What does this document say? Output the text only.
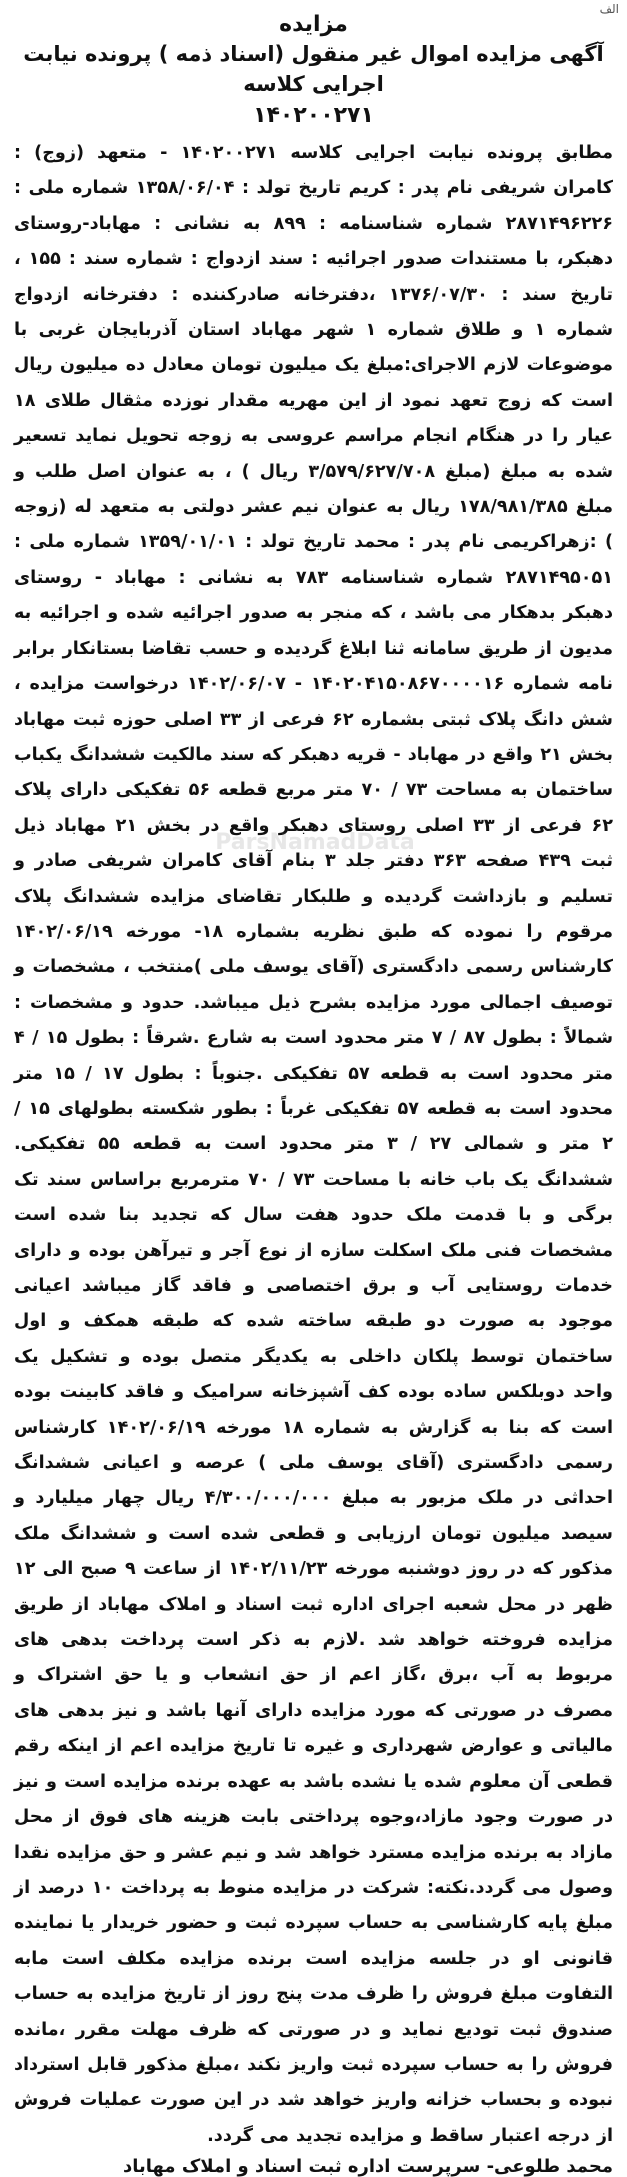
الف
مزایده
آگهی مزایده اموال غیر منقول (اسناد ذمه ) پرونده نیابت اجرایی کلاسه
۱۴۰۲۰۰۲۷۱
مطابق پرونده نیابت اجرایی کلاسه ۱۴۰۲۰۰۲۷۱ - متعهد (زوج) : کامران شریفی نام پدر : کریم تاریخ تولد : ۱۳۵۸/۰۶/۰۴ شماره ملی : ۲۸۷۱۴۹۶۲۲۶ شماره شناسنامه : ۸۹۹ به نشانی : مهاباد-روستای دهبکر، با مستندات صدور اجرائیه : سند ازدواج : شماره سند : ۱۵۵ ، تاریخ سند : ۱۳۷۶/۰۷/۳۰ ،دفترخانه صادرکننده : دفترخانه ازدواج شماره ۱ و طلاق شماره ۱ شهر مهاباد استان آذربایجان غربی با موضوعات لازم الاجرای:مبلغ یک میلیون تومان معادل ده میلیون ریال است که زوج تعهد نمود از این مهریه مقدار نوزده مثقال طلای ۱۸ عیار را در هنگام انجام مراسم عروسی به زوجه تحویل نماید تسعیر شده به مبلغ (مبلغ ۳/۵۷۹/۶۲۷/۷۰۸ ریال ) ، به عنوان اصل طلب و مبلغ ۱۷۸/۹۸۱/۳۸۵ ریال به عنوان نیم عشر دولتی به متعهد له (زوجه ) :زهراکریمی نام پدر : محمد تاریخ تولد : ۱۳۵۹/۰۱/۰۱ شماره ملی : ۲۸۷۱۴۹۵۰۵۱ شماره شناسنامه ۷۸۳ به نشانی : مهاباد - روستای دهبکر بدهکار می باشد ، که منجر به صدور اجرائیه شده و اجرائیه به مدیون از طریق سامانه ثنا ابلاغ گردیده و حسب تقاضا بستانکار برابر نامه شماره ۱۴۰۲۰۴۱۵۰۸۶۷۰۰۰۰۱۶ - ۱۴۰۲/۰۶/۰۷ درخواست مزایده ، شش دانگ پلاک ثبتی بشماره ۶۲ فرعی از ۳۳ اصلی حوزه ثبت مهاباد بخش ۲۱ واقع در مهاباد - قریه دهبکر که سند مالکیت ششدانگ یکباب ساختمان به مساحت ۷۳ / ۷۰ متر مربع قطعه ۵۶ تفکیکی دارای پلاک ۶۲ فرعی از ۳۳ اصلی روستای دهبکر واقع در بخش ۲۱ مهاباد ذیل ثبت ۴۳۹ صفحه ۳۶۳ دفتر جلد ۳ بنام آقای کامران شریفی صادر و تسلیم و بازداشت گردیده و طلبکار تقاضای مزایده ششدانگ پلاک مرقوم را نموده که طبق نظریه بشماره ۱۸- مورخه ۱۴۰۲/۰۶/۱۹ کارشناس رسمی دادگستری (آقای یوسف ملی )منتخب ، مشخصات و توصیف اجمالی مورد مزایده بشرح ذیل میباشد. حدود و مشخصات : شمالاً : بطول ۸۷ / ۷ متر محدود است به شارع .شرقاً : بطول ۱۵ / ۴ متر محدود است به قطعه ۵۷ تفکیکی .جنوباً : بطول ۱۷ / ۱۵ متر محدود است به قطعه ۵۷ تفکیکی غرباً : بطور شکسته بطولهای ۱۵ / ۲ متر و شمالی ۲۷ / ۳ متر محدود است به قطعه ۵۵ تفکیکی. ششدانگ یک باب خانه با مساحت ۷۳ / ۷۰ مترمربع براساس سند تک برگی و با قدمت ملک حدود هفت سال که تجدید بنا شده است مشخصات فنی ملک اسکلت سازه از نوع آجر و تیرآهن بوده و دارای خدمات روستایی آب و برق اختصاصی و فاقد گاز میباشد اعیانی موجود به صورت دو طبقه ساخته شده که طبقه همکف و اول ساختمان توسط پلکان داخلی به یکدیگر متصل بوده و تشکیل یک واحد دوبلکس ساده بوده کف آشپزخانه سرامیک و فاقد کابینت بوده است که بنا به گزارش به شماره ۱۸ مورخه ۱۴۰۲/۰۶/۱۹ کارشناس رسمی دادگستری (آقای یوسف ملی ) عرصه و اعیانی ششدانگ احداثی در ملک مزبور به مبلغ ۴/۳۰۰/۰۰۰/۰۰۰ ریال چهار میلیارد و سیصد میلیون تومان ارزیابی و قطعی شده است و ششدانگ ملک مذکور که در روز دوشنبه مورخه ۱۴۰۲/۱۱/۲۳ از ساعت ۹ صبح الی ۱۲ ظهر در محل شعبه اجرای اداره ثبت اسناد و املاک مهاباد از طریق مزایده فروخته خواهد شد .لازم به ذکر است پرداخت بدهی های مربوط به آب ،برق ،گاز اعم از حق انشعاب و یا حق اشتراک و مصرف در صورتی که مورد مزایده دارای آنها باشد و نیز بدهی های مالیاتی و عوارض شهرداری و غیره تا تاریخ مزایده اعم از اینکه رقم قطعی آن معلوم شده یا نشده باشد به عهده برنده مزایده است و نیز در صورت وجود مازاد،وجوه پرداختی بابت هزینه های فوق از محل مازاد به برنده مزایده مسترد خواهد شد و نیم عشر و حق مزایده نقدا وصول می گردد.نکته: شرکت در مزایده منوط به پرداخت ۱۰ درصد از مبلغ پایه کارشناسی به حساب سپرده ثبت و حضور خریدار یا نماینده قانونی او در جلسه مزایده است برنده مزایده مکلف است مابه التفاوت مبلغ فروش را ظرف مدت پنج روز از تاریخ مزایده به حساب صندوق ثبت تودیع نماید و در صورتی که ظرف مهلت مقرر ،مانده فروش را به حساب سپرده ثبت واریز نکند ،مبلغ مذکور قابل استرداد نبوده و بحساب خزانه واریز خواهد شد در این صورت عملیات فروش از درجه اعتبار ساقط و مزایده تجدید می گردد.
محمد طلوعی- سرپرست اداره ثبت اسناد و املاک مهاباد
ParsNamadData
